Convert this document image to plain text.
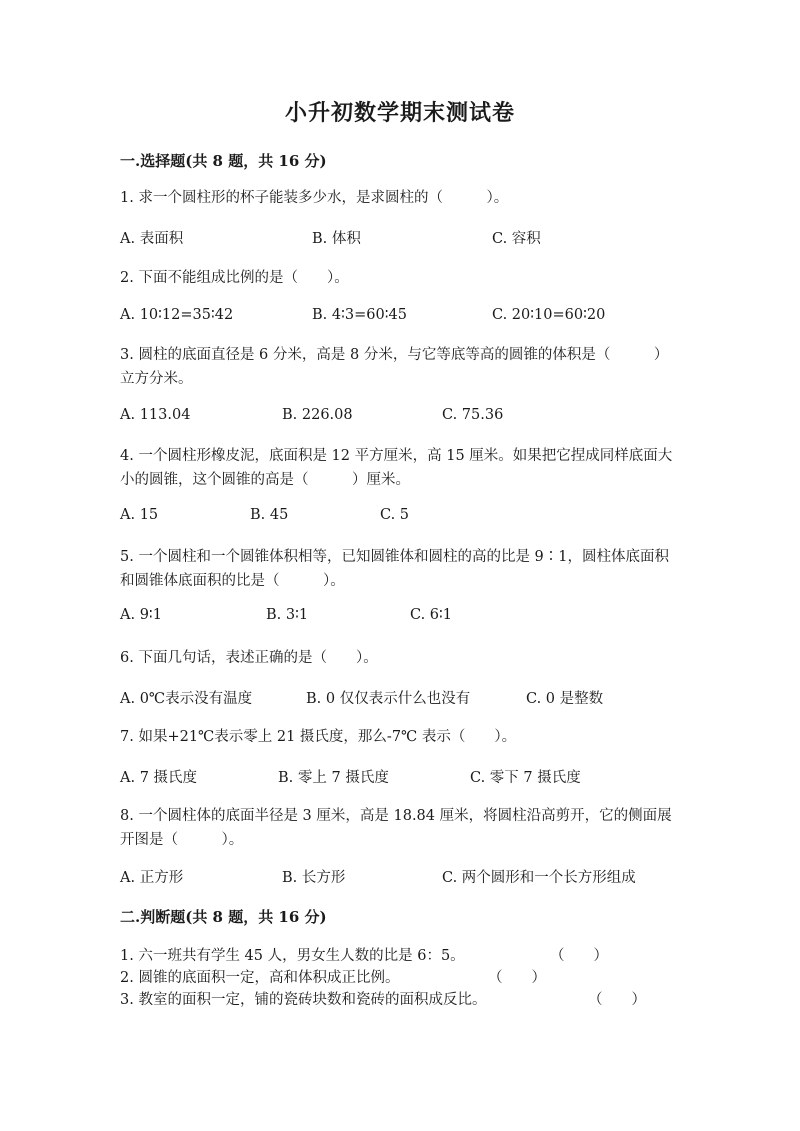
小升初数学期末测试卷
一.选择题(共 8 题，共 16 分)
1. 求一个圆柱形的杯子能装多少水，是求圆柱的（　　　）。
A. 表面积	B. 体积	C. 容积
2. 下面不能组成比例的是（　　）。
A. 10∶12=35∶42	B. 4∶3=60∶45	C. 20∶10=60∶20
3. 圆柱的底面直径是 6 分米，高是 8 分米，与它等底等高的圆锥的体积是（　　　）立方分米。
A. 113.04	B. 226.08	C. 75.36
4. 一个圆柱形橡皮泥，底面积是 12 平方厘米，高 15 厘米。如果把它捏成同样底面大小的圆锥，这个圆锥的高是（　　　）厘米。
A. 15	B. 45	C. 5
5. 一个圆柱和一个圆锥体积相等，已知圆锥体和圆柱的高的比是 9∶1，圆柱体底面积和圆锥体底面积的比是（　　　）。
A. 9∶1	B. 3∶1	C. 6∶1
6. 下面几句话，表述正确的是（　　）。
A. 0℃表示没有温度	B. 0 仅仅表示什么也没有	C. 0 是整数
7. 如果+21℃表示零上 21 摄氏度，那么-7℃ 表示（　　）。
A. 7 摄氏度	B. 零上 7 摄氏度	C. 零下 7 摄氏度
8. 一个圆柱体的底面半径是 3 厘米，高是 18.84 厘米，将圆柱沿高剪开，它的侧面展开图是（　　　）。
A. 正方形	B. 长方形	C. 两个圆形和一个长方形组成
二.判断题(共 8 题，共 16 分)
1. 六一班共有学生 45 人，男女生人数的比是 6：5。	（　　）
2. 圆锥的底面积一定，高和体积成正比例。	（　　）
3. 教室的面积一定，铺的瓷砖块数和瓷砖的面积成反比。	（　　）
